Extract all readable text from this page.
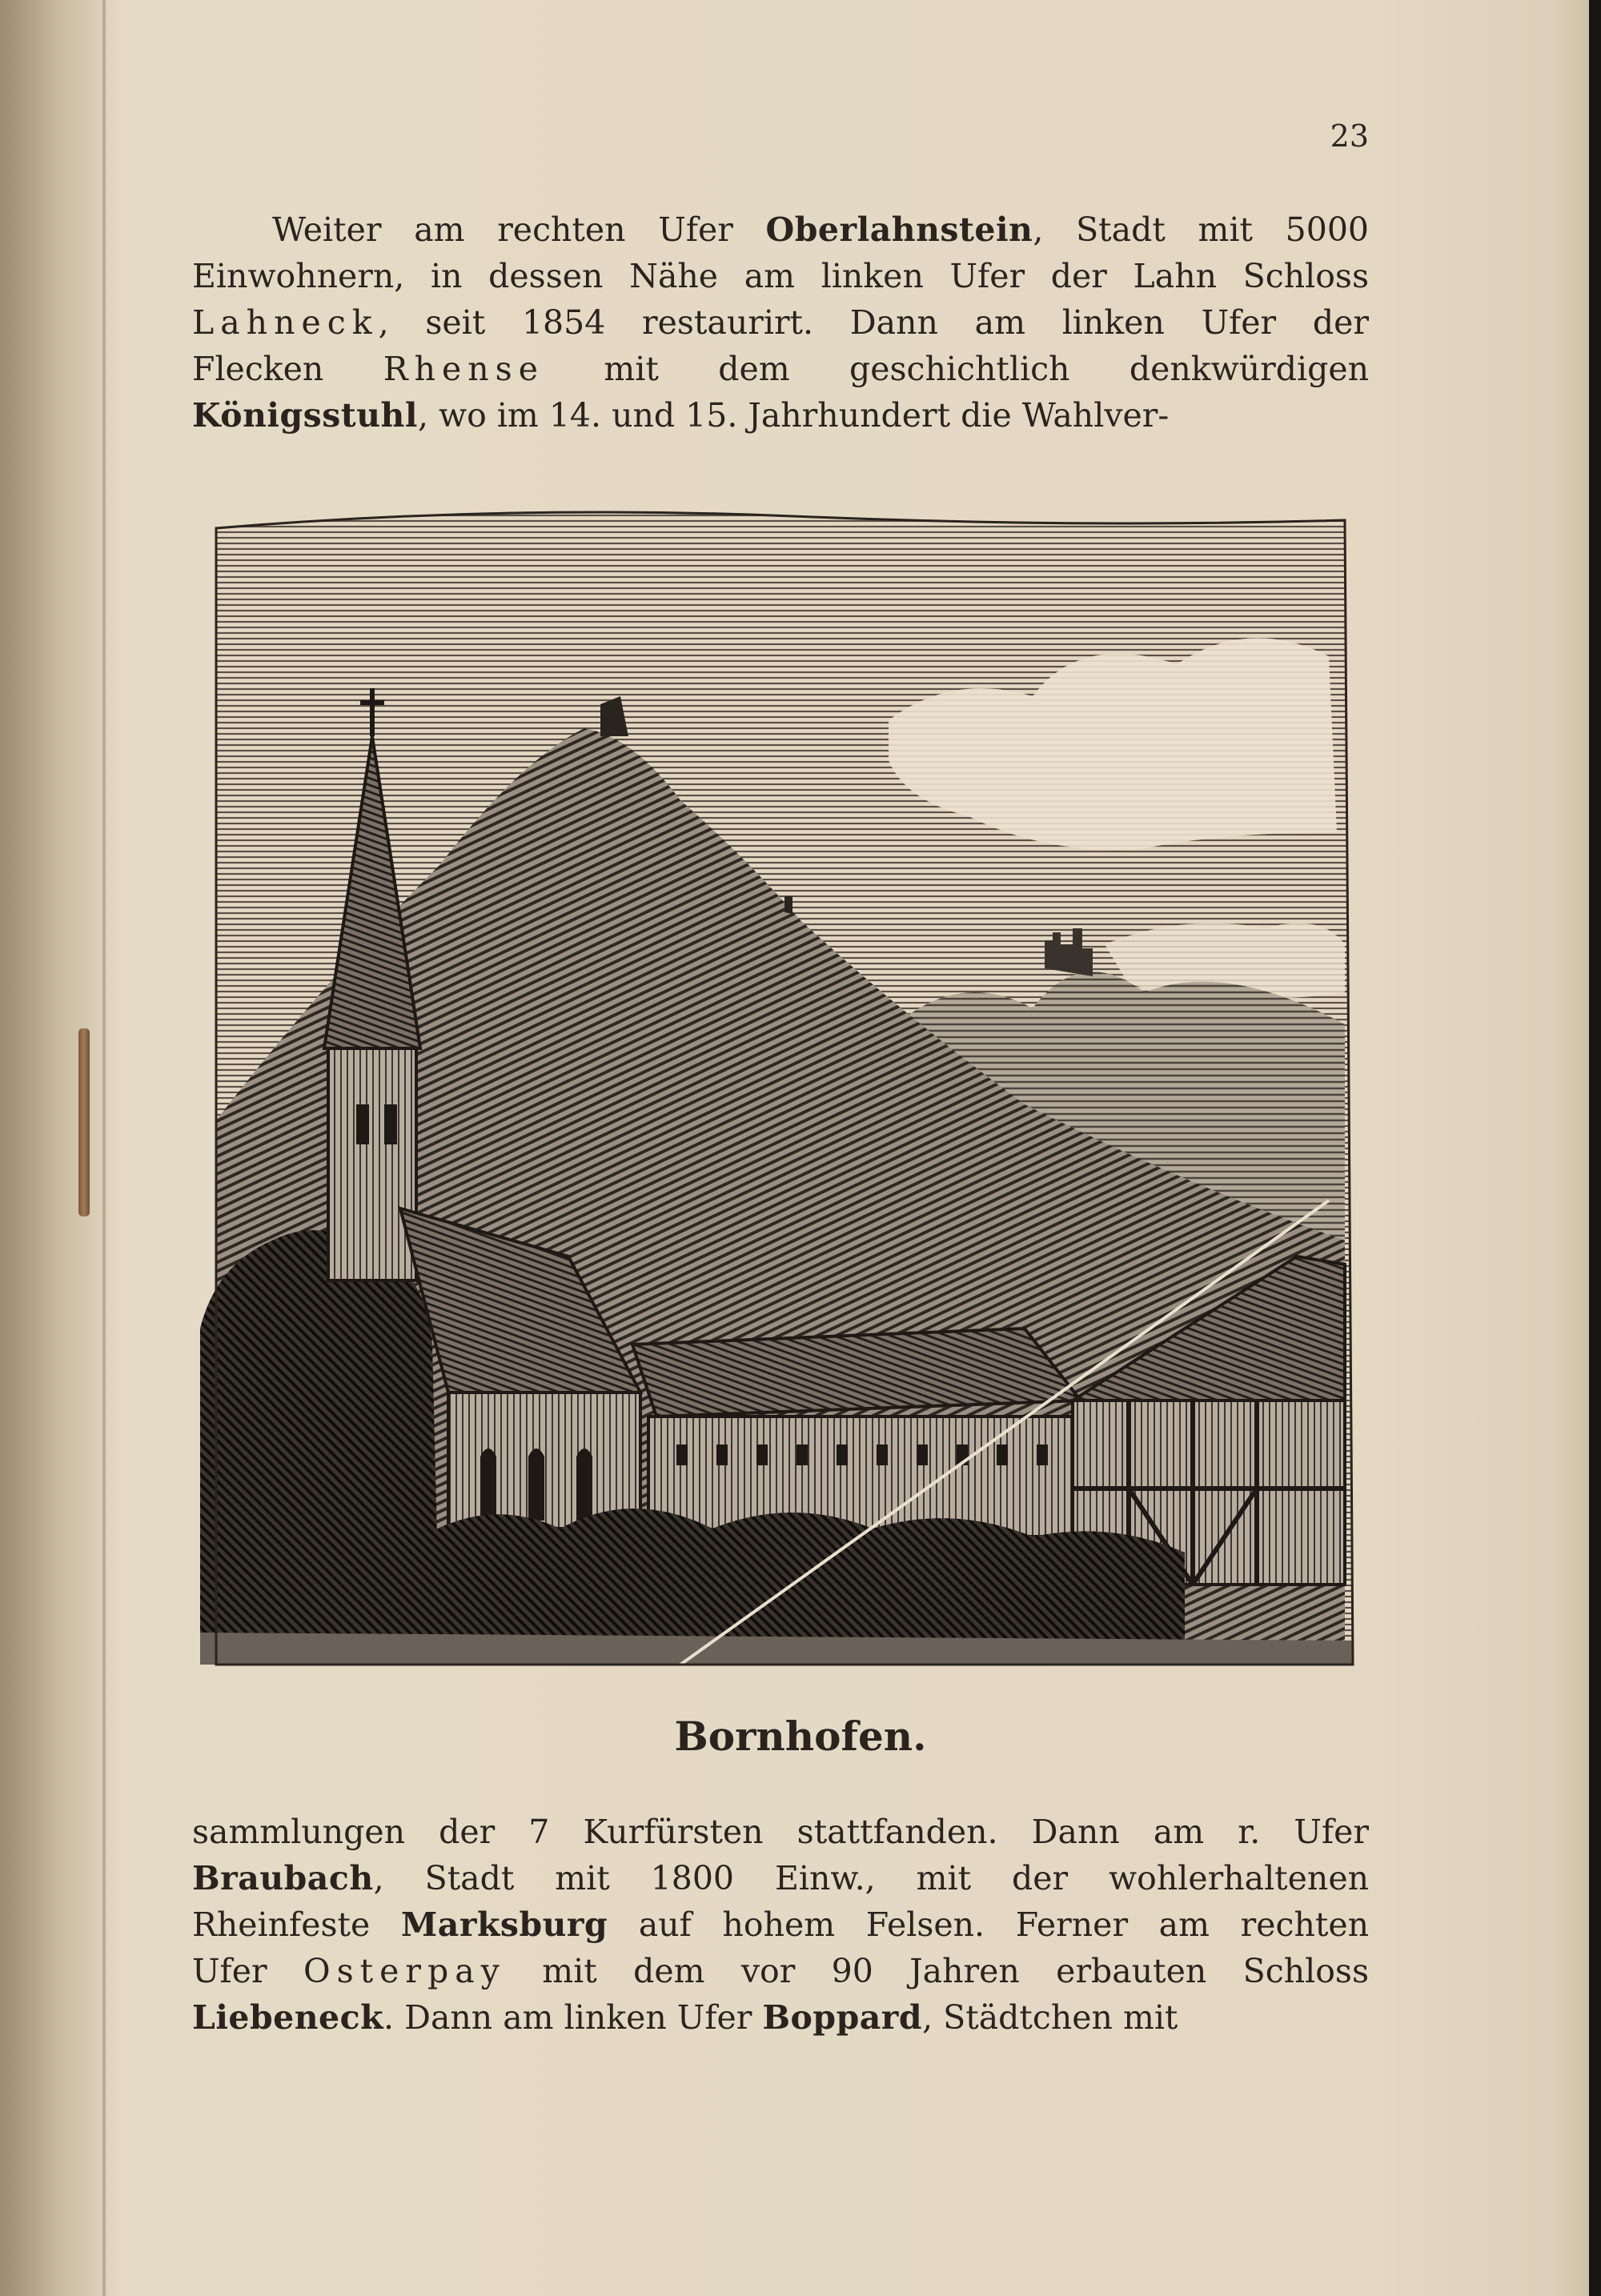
23
Weiter am rechten Ufer Oberlahnstein, Stadt mit 5000
Einwohnern, in dessen Nähe am linken Ufer der Lahn Schloss
Lahneck, seit 1854 restaurirt. Dann am linken Ufer der
Flecken Rhense mit dem geschichtlich denkwürdigen
Königsstuhl, wo im 14. und 15. Jahrhundert die Wahlver-
Bornhofen.
sammlungen der 7 Kurfürsten stattfanden. Dann am r. Ufer
Braubach, Stadt mit 1800 Einw., mit der wohlerhaltenen
Rheinfeste Marksburg auf hohem Felsen. Ferner am rechten
Ufer Osterpay mit dem vor 90 Jahren erbauten Schloss
Liebeneck. Dann am linken Ufer Boppard, Städtchen mit
